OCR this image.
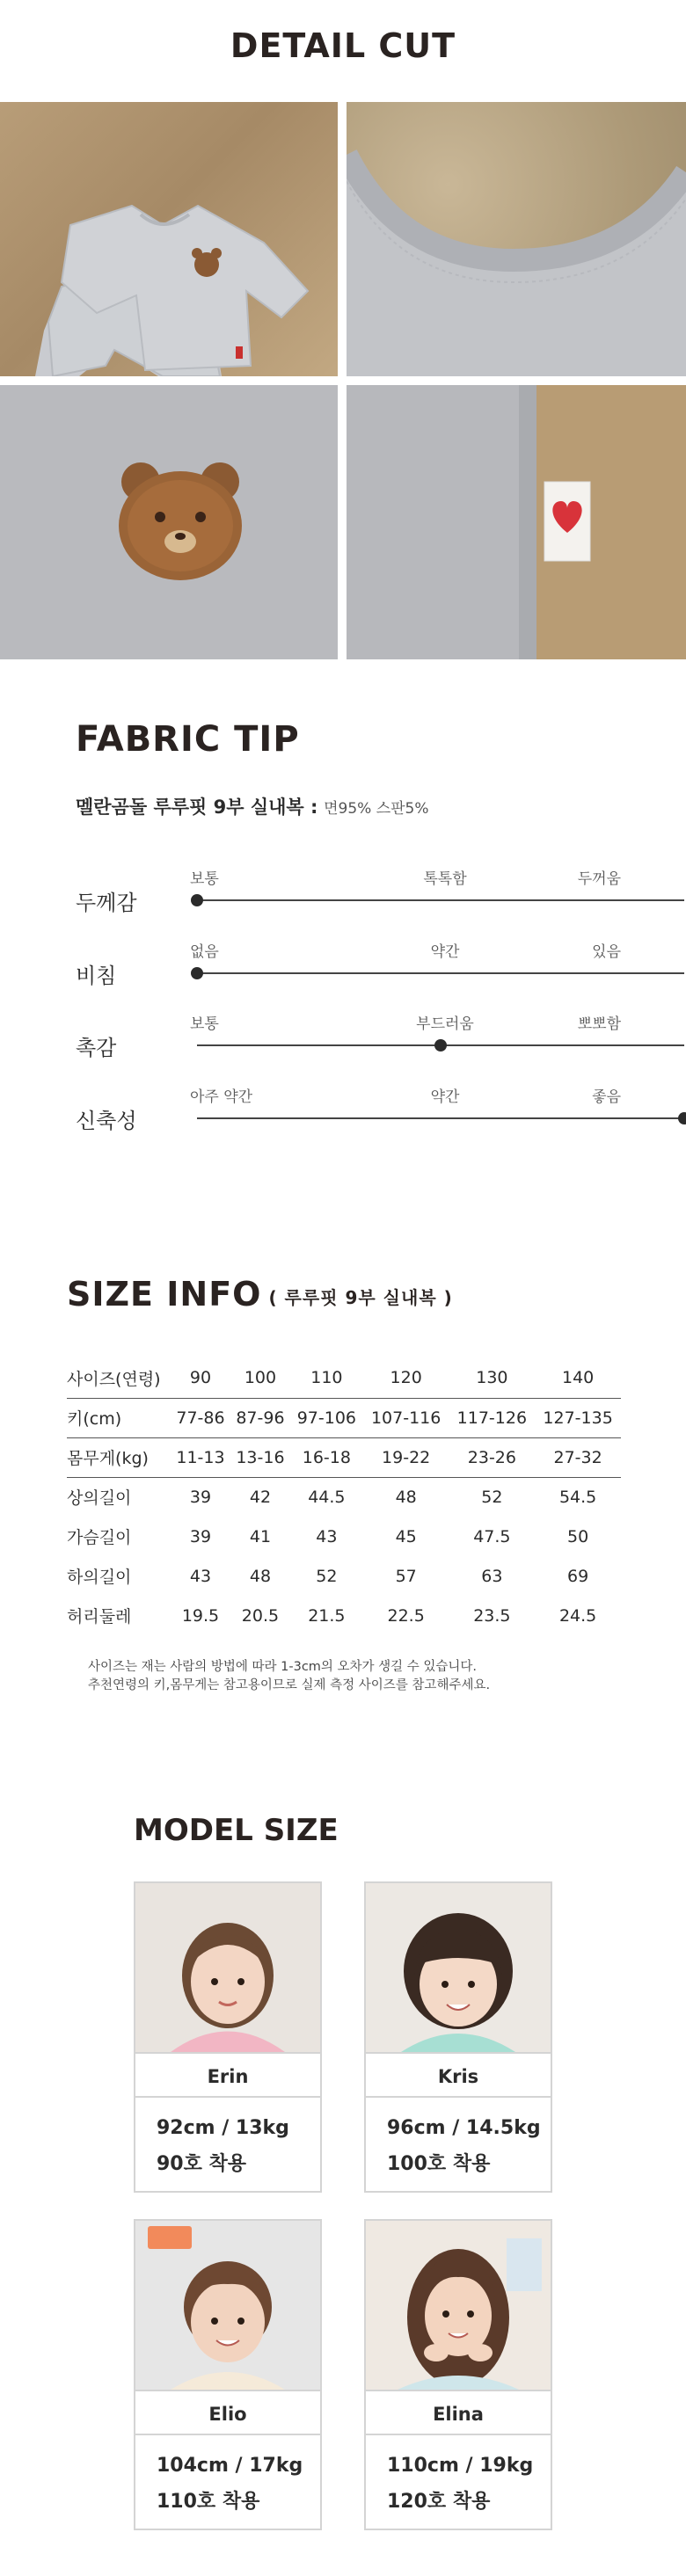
DETAIL CUT
FABRIC TIP
멜란곰돌 루루핏 9부 실내복 : 면95% 스판5%
두께감
보통	톡톡함	두꺼움
비침
없음	약간	있음
촉감
보통	부드러움	뽀뽀함
신축성
아주 약간	약간	좋음
SIZE INFO ( 루루핏 9부 실내복 )
사이즈(연령)	90	100	110	120	130	140
키(cm)	77-86	87-96	97-106	107-116	117-126	127-135
몸무게(kg)	11-13	13-16	16-18	19-22	23-26	27-32
상의길이	39	42	44.5	48	52	54.5
가슴길이	39	41	43	45	47.5	50
하의길이	43	48	52	57	63	69
허리둘레	19.5	20.5	21.5	22.5	23.5	24.5
사이즈는 재는 사람의 방법에 따라 1-3cm의 오차가 생길 수 있습니다.
추천연령의 키,몸무게는 참고용이므로 실제 측정 사이즈를 참고해주세요.
MODEL SIZE
Erin
92cm / 13kg
90호 착용
Kris
96cm / 14.5kg
100호 착용
Elio
104cm / 17kg
110호 착용
Elina
110cm / 19kg
120호 착용
